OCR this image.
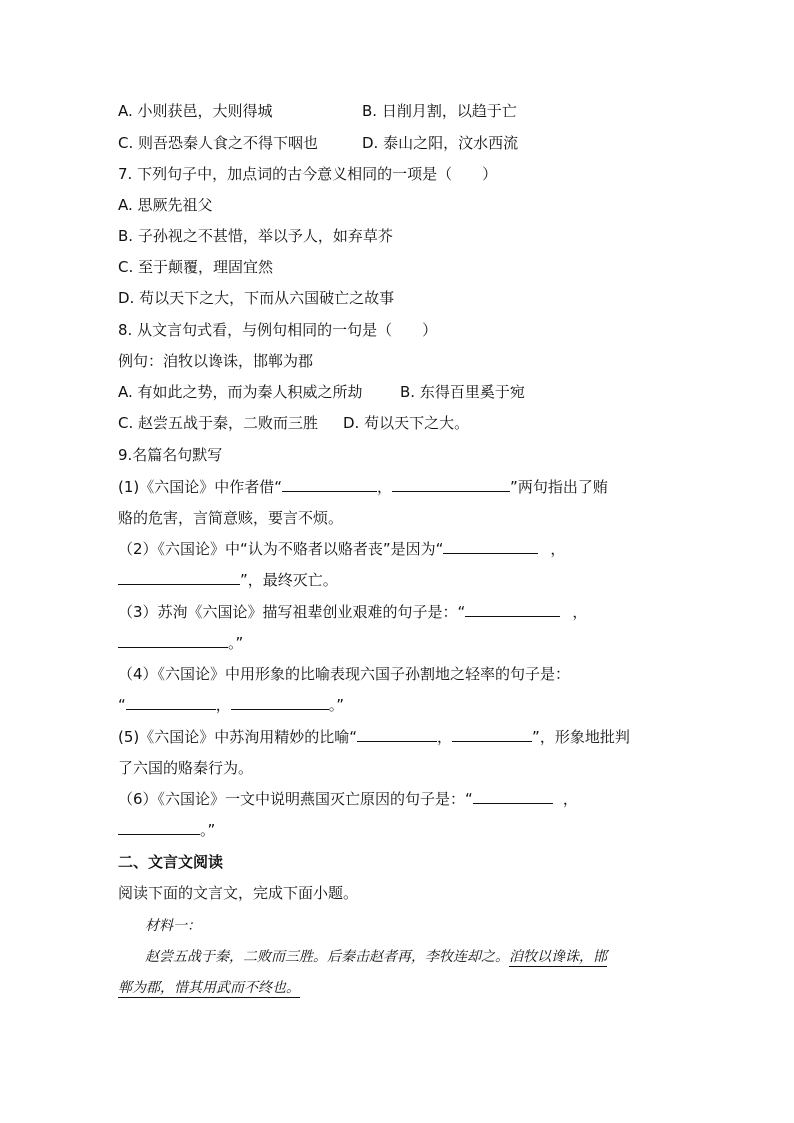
A. 小则获邑，大则得城	B. 日削月割，以趋于亡
C. 则吾恐秦人食之不得下咽也	D. 泰山之阳，汶水西流
7. 下列句子中，加点词的古今意义相同的一项是（　　）
A. 思厥先祖父
B. 子孙视之不甚惜，举以予人，如弃草芥
C. 至于颠覆，理固宜然
D. 苟以天下之大，下而从六国破亡之故事
8. 从文言句式看，与例句相同的一句是（　　）
例句：洎牧以谗诛，邯郸为郡
A. 有如此之势，而为秦人积威之所劫 B. 东得百里奚于宛
C. 赵尝五战于秦，二败而三胜 D. 苟以天下之大。
9.名篇名句默写
(1)《六国论》中作者借“	，	”两句指出了贿
赂的危害，言简意赅，要言不烦。
（2）《六国论》中“认为不赂者以赂者丧”是因为“	，
”，最终灭亡。
（3）苏洵《六国论》描写祖辈创业艰难的句子是：“	，
。”
（4）《六国论》中用形象的比喻表现六国子孙割地之轻率的句子是：
“	，	。”
(5)《六国论》中苏洵用精妙的比喻“	，	”，形象地批判
了六国的赂秦行为。
（6）《六国论》一文中说明燕国灭亡原因的句子是：“	，
。”
二、文言文阅读
阅读下面的文言文，完成下面小题。
材料一：
赵尝五战于秦，二败而三胜。后秦击赵者再，李牧连却之。洎牧以谗诛，邯
郸为郡，惜其用武而不终也。
